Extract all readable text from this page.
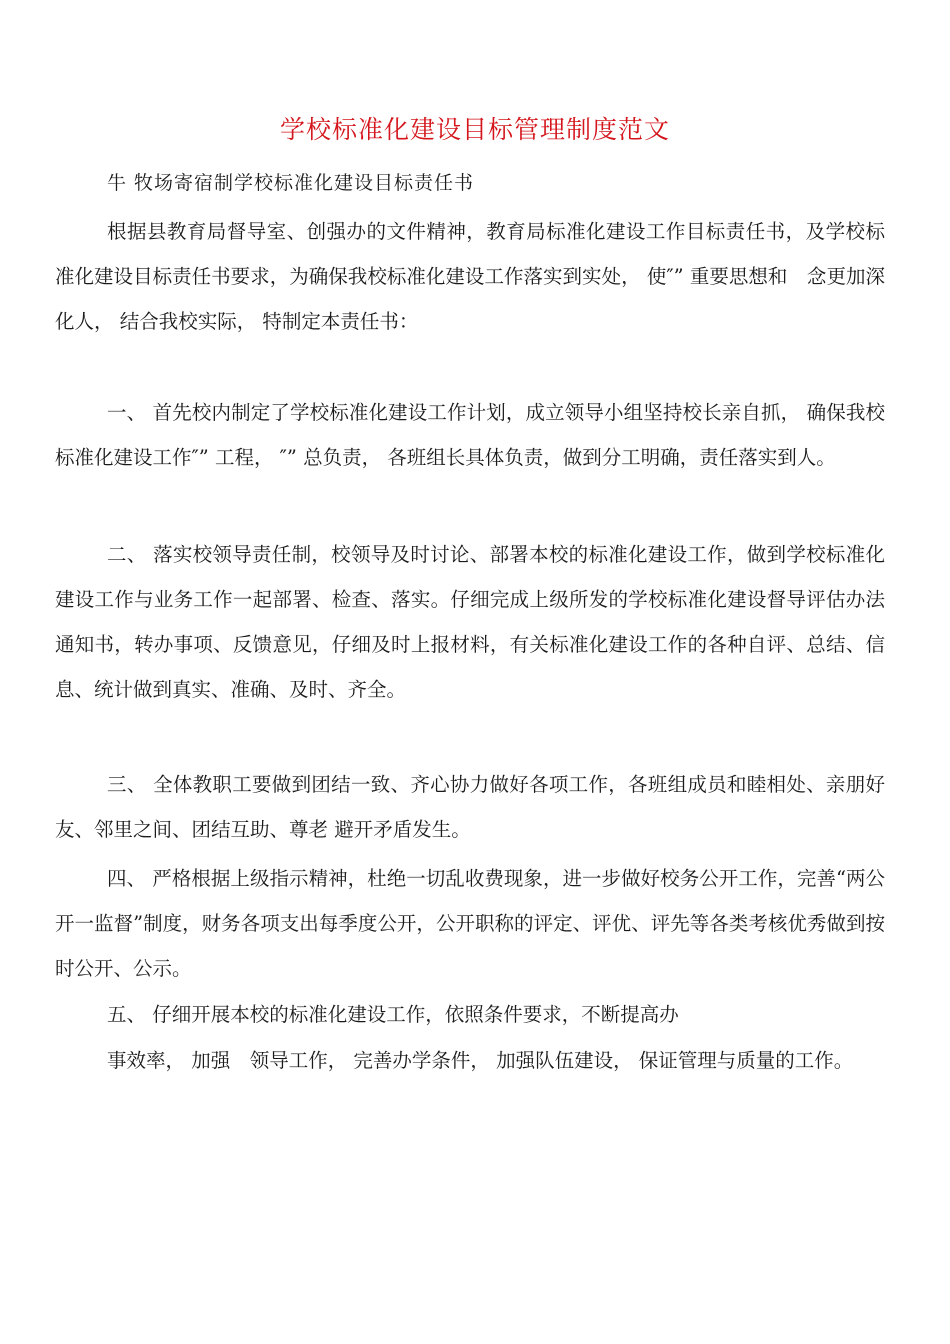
学校标准化建设目标管理制度范文
牛 牧场寄宿制学校标准化建设目标责任书
根据县教育局督导室、创强办的文件精神，教育局标准化建设工作目标责任书，及学校标准化建设目标责任书要求，为确保我校标准化建设工作落实到实处， 使″” 重要思想和　念更加深化人， 结合我校实际， 特制定本责任书：
一、 首先校内制定了学校标准化建设工作计划，成立领导小组坚持校长亲自抓， 确保我校标准化建设工作″” 工程， ″” 总负责， 各班组长具体负责，做到分工明确，责任落实到人。
二、 落实校领导责任制，校领导及时讨论、部署本校的标准化建设工作，做到学校标准化建设工作与业务工作一起部署、检查、落实。仔细完成上级所发的学校标准化建设督导评估办法　通知书，转办事项、反馈意见，仔细及时上报材料，有关标准化建设工作的各种自评、总结、信息、统计做到真实、准确、及时、齐全。
三、 全体教职工要做到团结一致、齐心协力做好各项工作，各班组成员和睦相处、亲朋好友、邻里之间、团结互助、尊老 避开矛盾发生。
四、 严格根据上级指示精神，杜绝一切乱收费现象，进一步做好校务公开工作，完善“两公开一监督”制度，财务各项支出每季度公开，公开职称的评定、评优、评先等各类考核优秀做到按时公开、公示。
五、 仔细开展本校的标准化建设工作，依照条件要求，不断提高办
事效率， 加强　领导工作， 完善办学条件， 加强队伍建设， 保证管理与质量的工作。
